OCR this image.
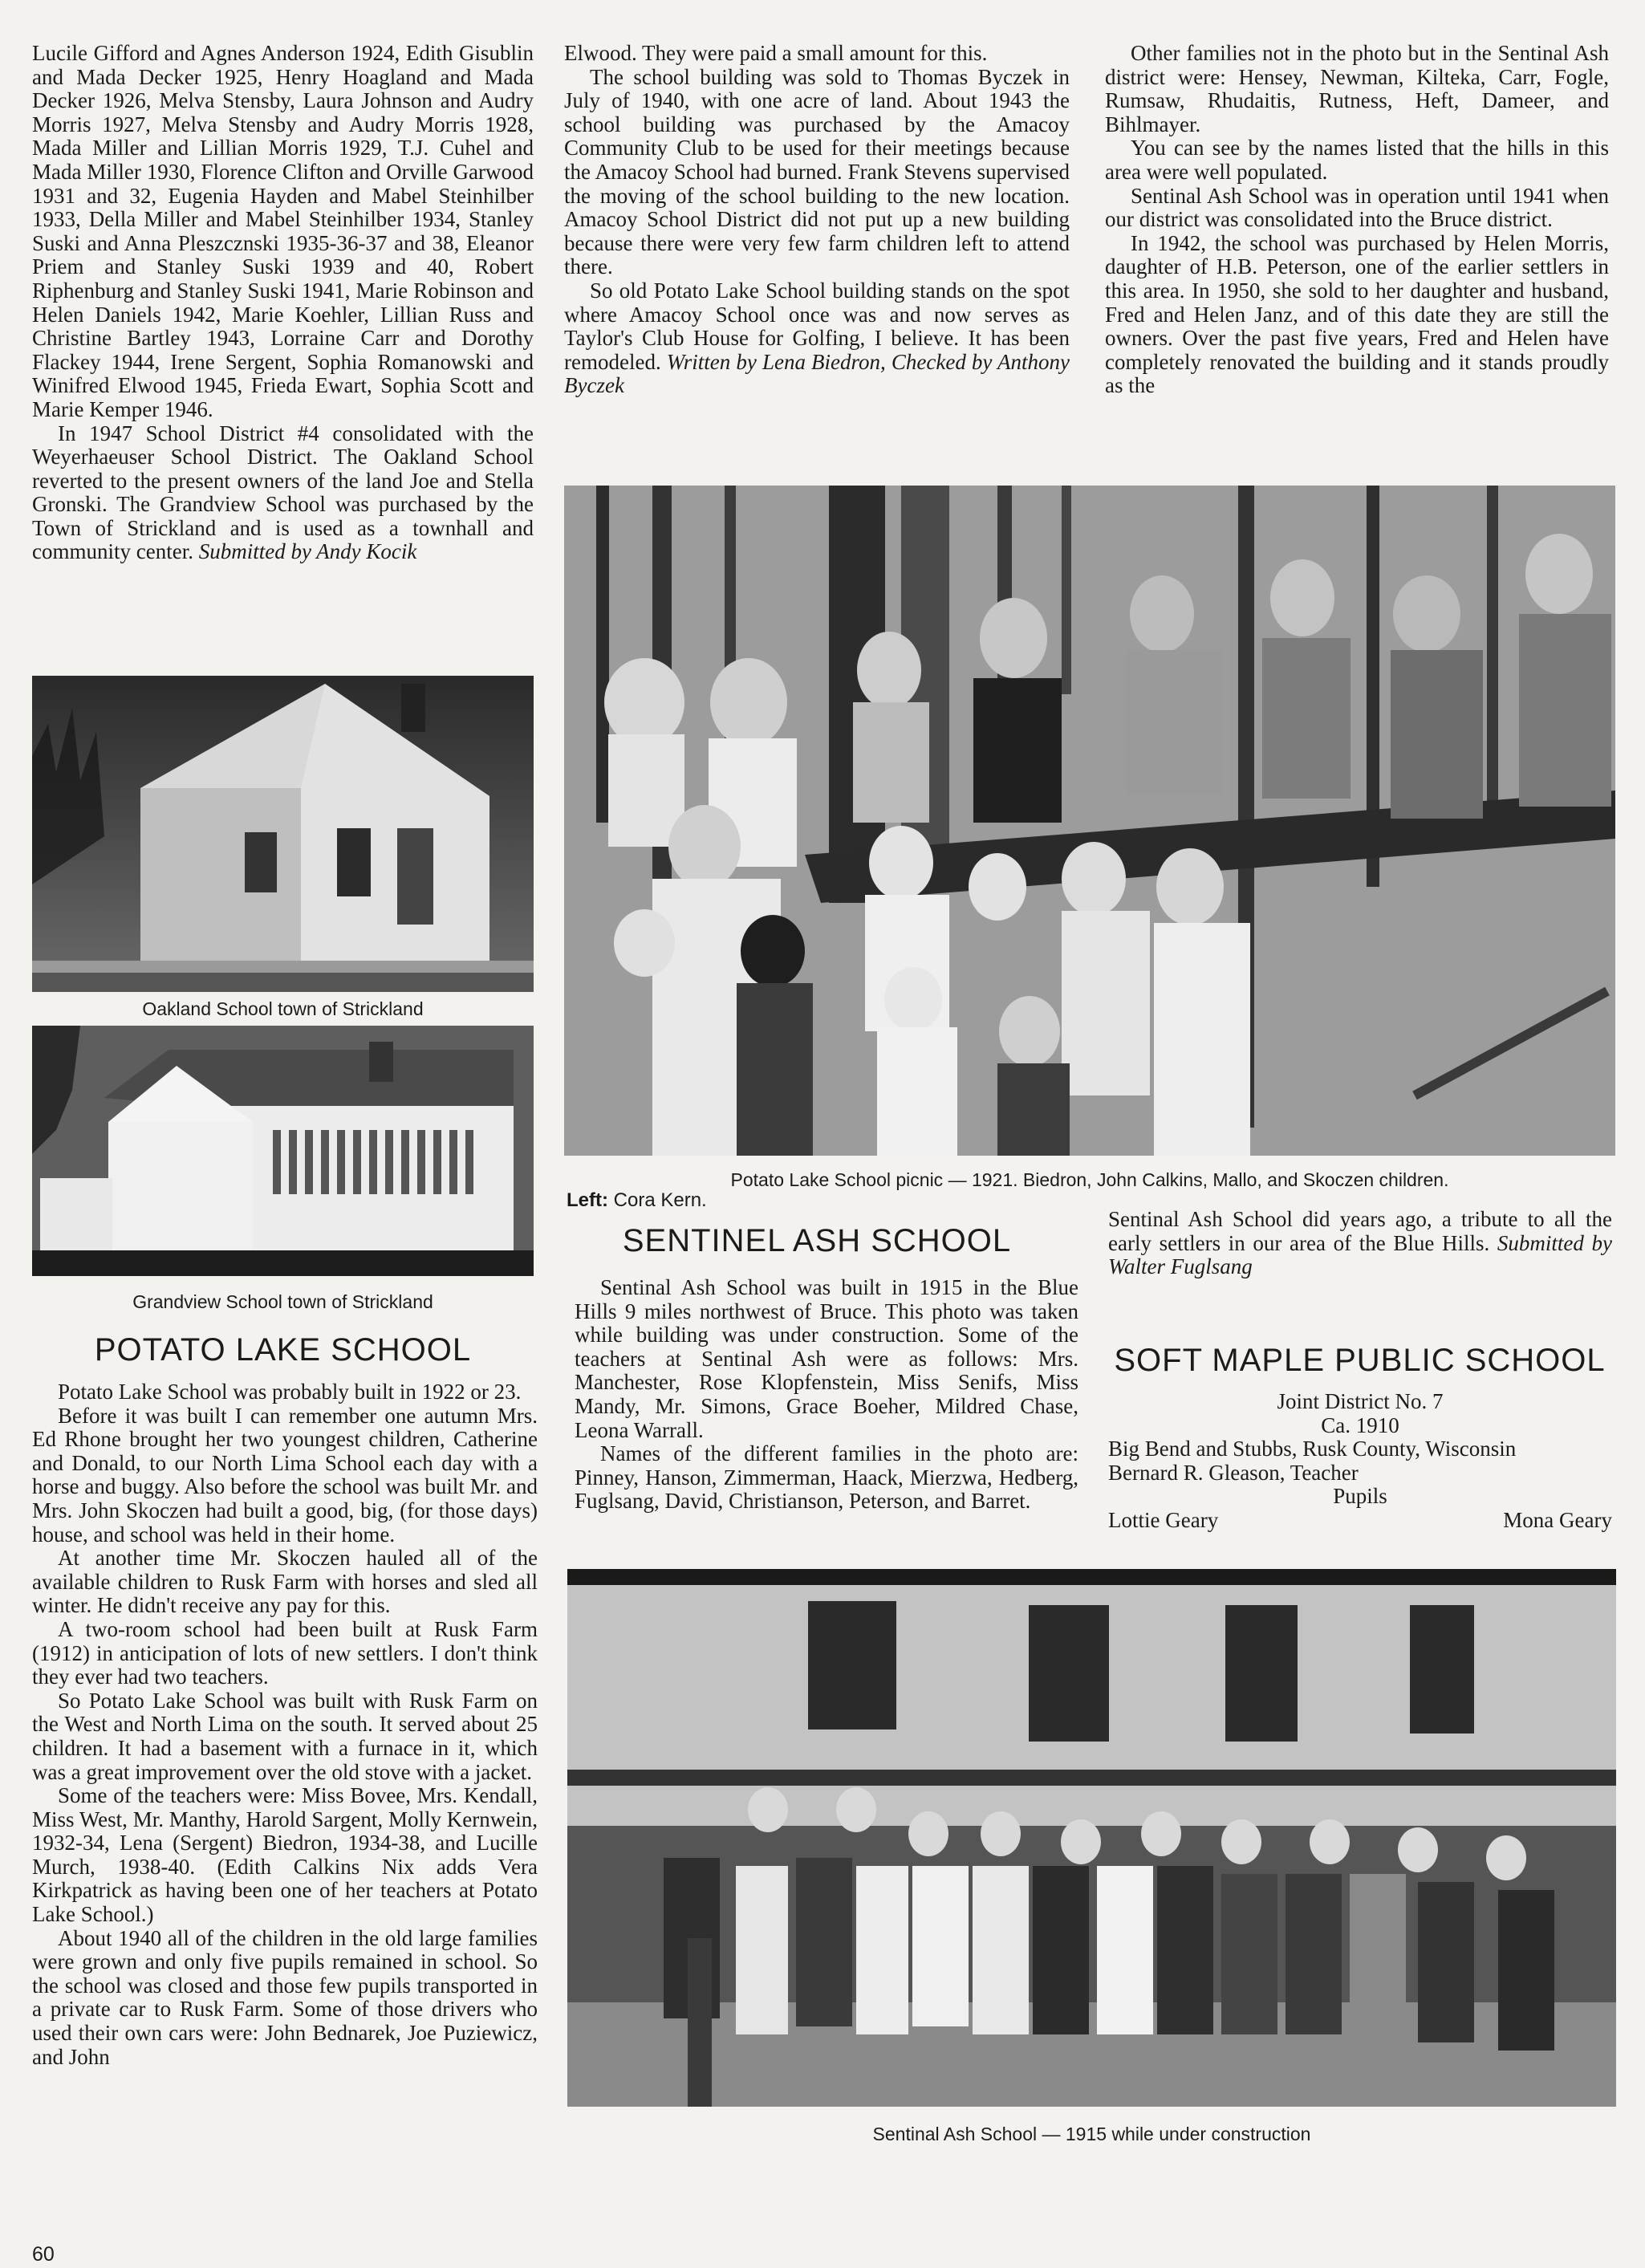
Lucile Gifford and Agnes Anderson 1924, Edith Gisublin and Mada Decker 1925, Henry Hoagland and Mada Decker 1926, Melva Stensby, Laura Johnson and Audry Morris 1927, Melva Stensby and Audry Morris 1928, Mada Miller and Lillian Morris 1929, T.J. Cuhel and Mada Miller 1930, Florence Clifton and Orville Garwood 1931 and 32, Eugenia Hayden and Mabel Steinhilber 1933, Della Miller and Mabel Steinhilber 1934, Stanley Suski and Anna Pleszcznski 1935-36-37 and 38, Eleanor Priem and Stanley Suski 1939 and 40, Robert Riphenburg and Stanley Suski 1941, Marie Robinson and Helen Daniels 1942, Marie Koehler, Lillian Russ and Christine Bartley 1943, Lorraine Carr and Dorothy Flackey 1944, Irene Sergent, Sophia Romanowski and Winifred Elwood 1945, Frieda Ewart, Sophia Scott and Marie Kemper 1946.

In 1947 School District #4 consolidated with the Weyerhaeuser School District. The Oakland School reverted to the present owners of the land Joe and Stella Gronski. The Grandview School was purchased by the Town of Strickland and is used as a townhall and community center. Submitted by Andy Kocik

Oakland School town of Strickland
Grandview School town of Strickland
POTATO LAKE SCHOOL

Potato Lake School was probably built in 1922 or 23.

Before it was built I can remember one autumn Mrs. Ed Rhone brought her two youngest children, Catherine and Donald, to our North Lima School each day with a horse and buggy. Also before the school was built Mr. and Mrs. John Skoczen had built a good, big, (for those days) house, and school was held in their home.

At another time Mr. Skoczen hauled all of the available children to Rusk Farm with horses and sled all winter. He didn't receive any pay for this.

A two-room school had been built at Rusk Farm (1912) in anticipation of lots of new settlers. I don't think they ever had two teachers.

So Potato Lake School was built with Rusk Farm on the West and North Lima on the south. It served about 25 children. It had a basement with a furnace in it, which was a great improvement over the old stove with a jacket.

Some of the teachers were: Miss Bovee, Mrs. Kendall, Miss West, Mr. Manthy, Harold Sargent, Molly Kernwein, 1932-34, Lena (Sergent) Biedron, 1934-38, and Lucille Murch, 1938-40. (Edith Calkins Nix adds Vera Kirkpatrick as having been one of her teachers at Potato Lake School.)

About 1940 all of the children in the old large families were grown and only five pupils remained in school. So the school was closed and those few pupils transported in a private car to Rusk Farm. Some of those drivers who used their own cars were: John Bednarek, Joe Puziewicz, and John

Elwood. They were paid a small amount for this.

The school building was sold to Thomas Byczek in July of 1940, with one acre of land. About 1943 the school building was purchased by the Amacoy Community Club to be used for their meetings because the Amacoy School had burned. Frank Stevens supervised the moving of the school building to the new location. Amacoy School District did not put up a new building because there were very few farm children left to attend there.

So old Potato Lake School building stands on the spot where Amacoy School once was and now serves as Taylor's Club House for Golfing, I believe. It has been remodeled. Written by Lena Biedron, Checked by Anthony Byczek

Other families not in the photo but in the Sentinal Ash district were: Hensey, Newman, Kilteka, Carr, Fogle, Rumsaw, Rhudaitis, Rutness, Heft, Dameer, and Bihlmayer.

You can see by the names listed that the hills in this area were well populated.

Sentinal Ash School was in operation until 1941 when our district was consolidated into the Bruce district.

In 1942, the school was purchased by Helen Morris, daughter of H.B. Peterson, one of the earlier settlers in this area. In 1950, she sold to her daughter and husband, Fred and Helen Janz, and of this date they are still the owners. Over the past five years, Fred and Helen have completely renovated the building and it stands proudly as the

Potato Lake School picnic — 1921. Biedron, John Calkins, Mallo, and Skoczen children.
Left: Cora Kern.
SENTINEL ASH SCHOOL

Sentinal Ash School was built in 1915 in the Blue Hills 9 miles northwest of Bruce. This photo was taken while building was under construction. Some of the teachers at Sentinal Ash were as follows: Mrs. Manchester, Rose Klopfenstein, Miss Senifs, Miss Mandy, Mr. Simons, Grace Boeher, Mildred Chase, Leona Warrall.

Names of the different families in the photo are: Pinney, Hanson, Zimmerman, Haack, Mierzwa, Hedberg, Fuglsang, David, Christianson, Peterson, and Barret.

Sentinal Ash School did years ago, a tribute to all the early settlers in our area of the Blue Hills. Submitted by Walter Fuglsang

SOFT MAPLE PUBLIC SCHOOL
Joint District No. 7
Ca. 1910
Big Bend and Stubbs, Rusk County, Wisconsin
Bernard R. Gleason, Teacher
Pupils
Lottie Geary	Mona Geary
Sentinal Ash School — 1915 while under construction
60
